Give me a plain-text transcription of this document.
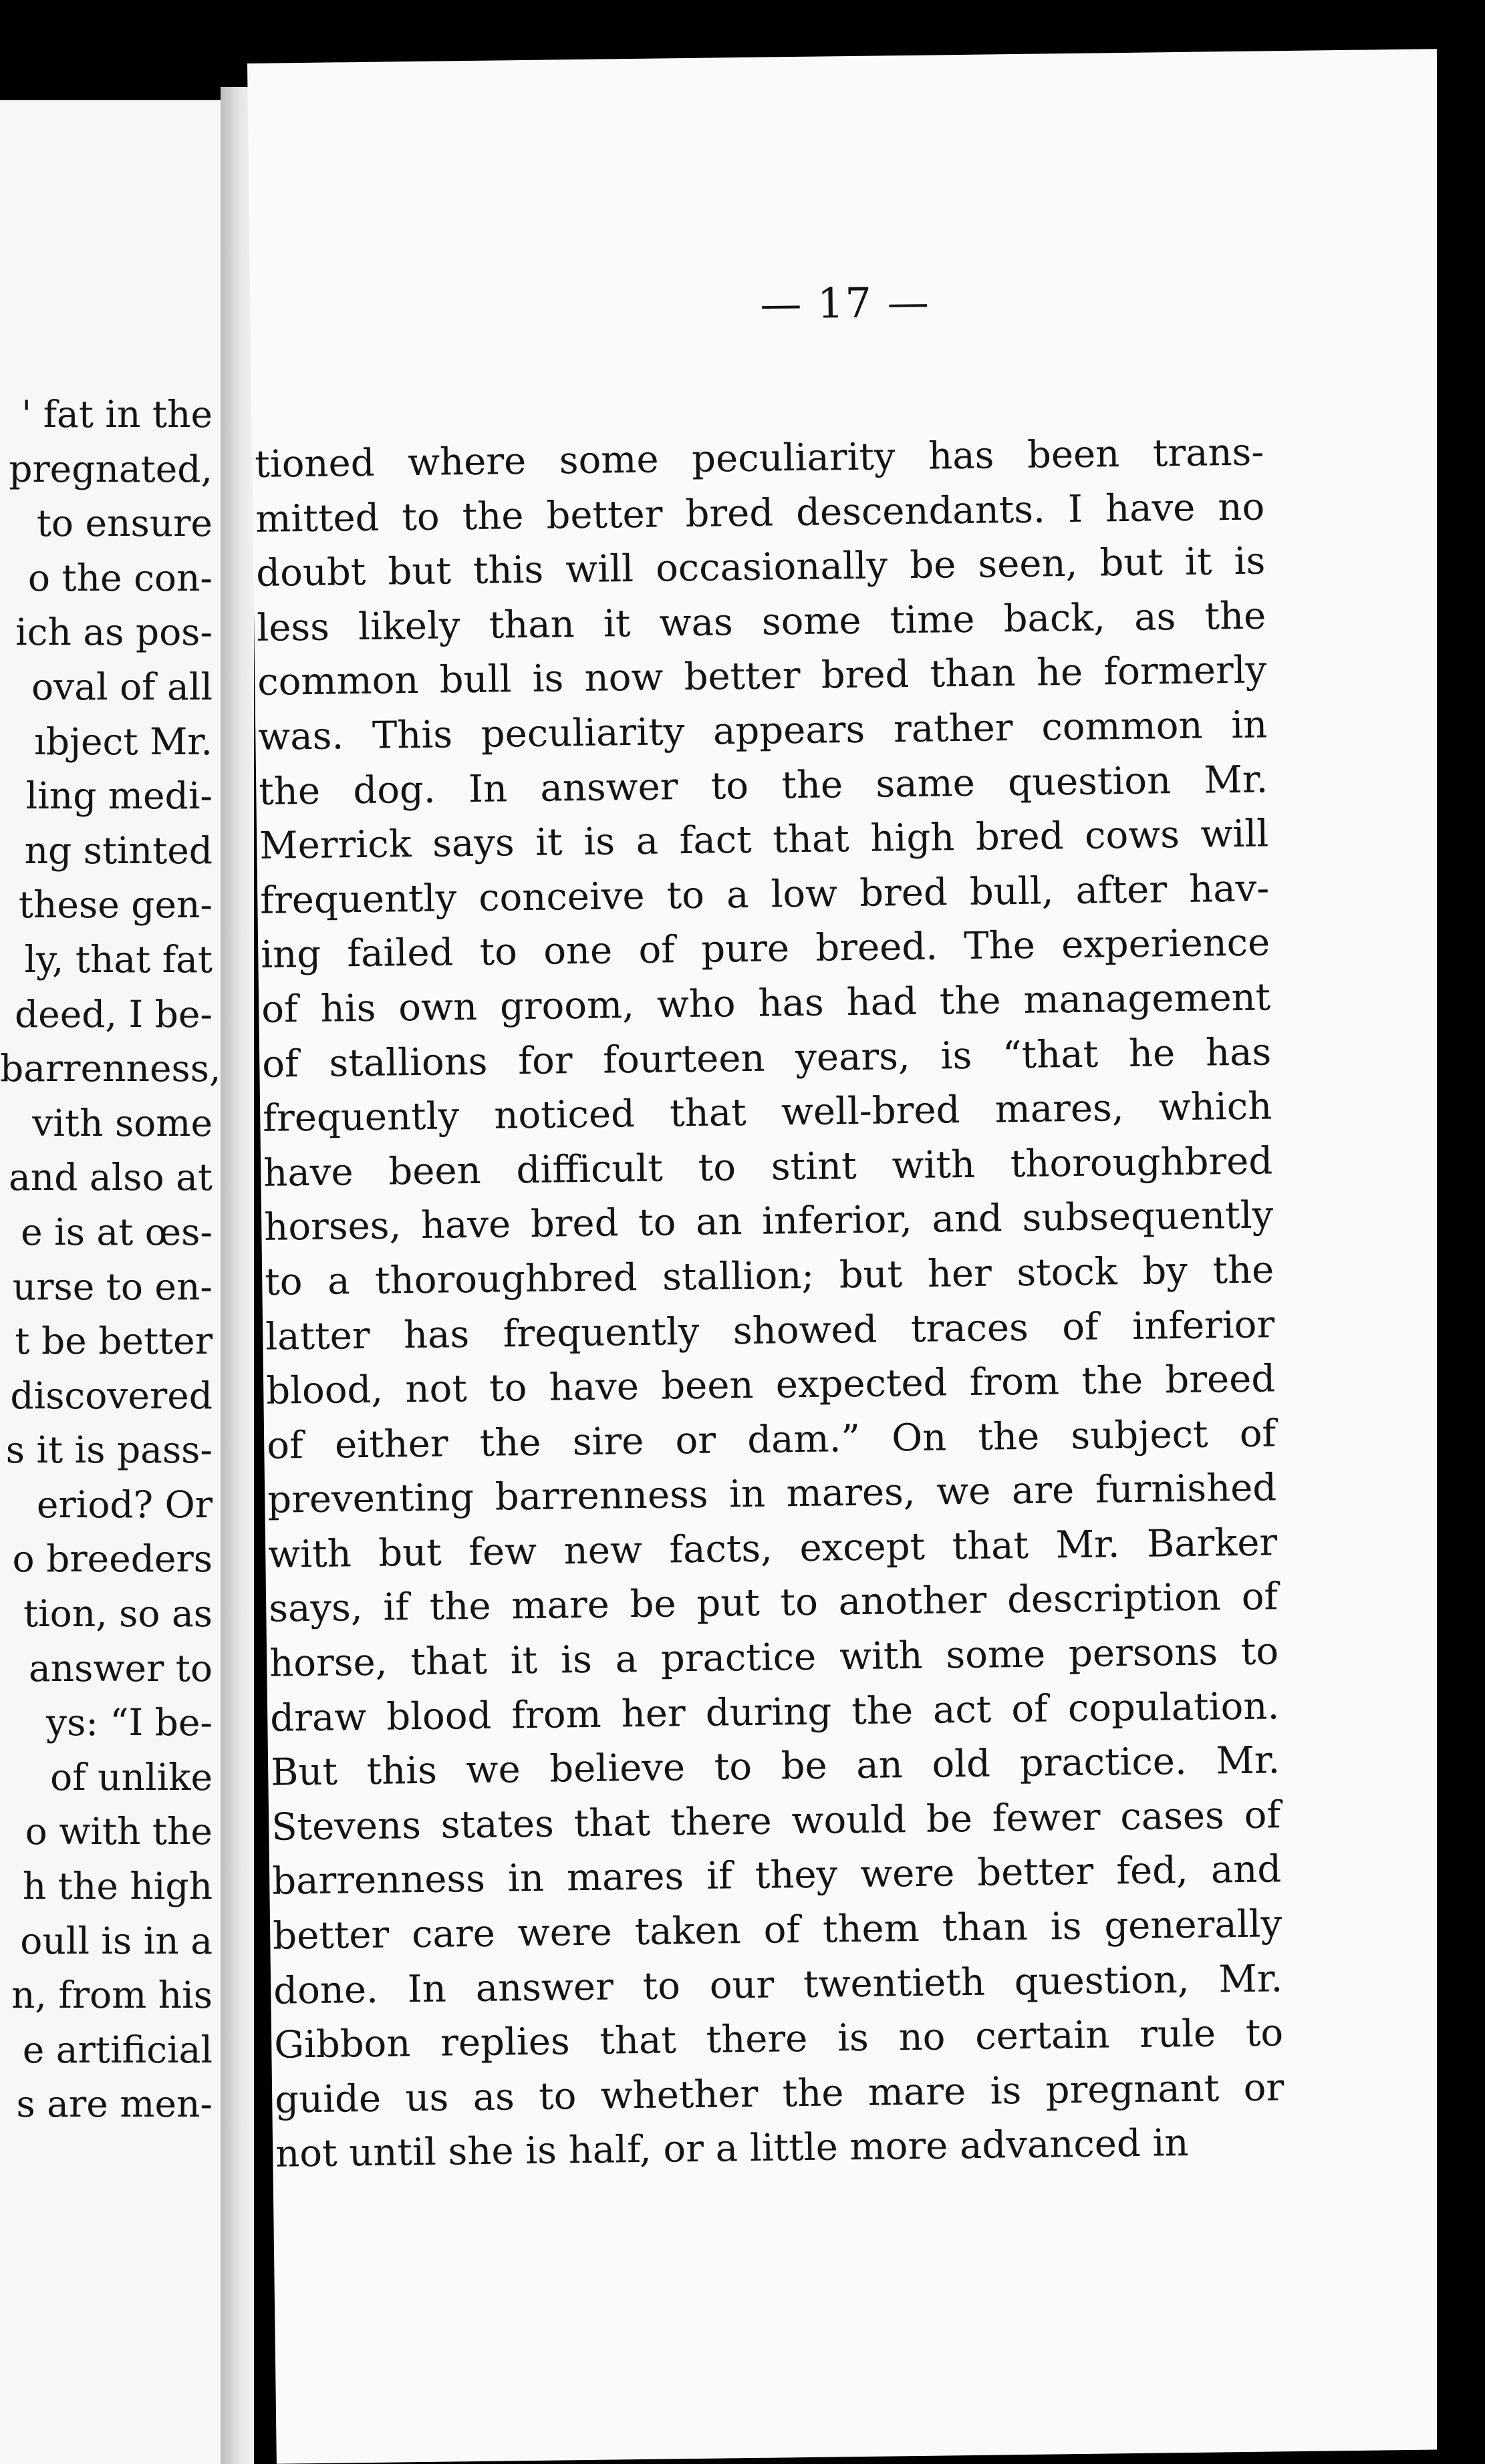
' fat in the
pregnated,
to ensure
o the con-
ich as pos-
oval of all
ıbject Mr.
ling medi-
ng stinted
these gen-
ly, that fat
deed, I be-
barrenness,
vith some
and also at
e is at œs-
urse to en-
t be better
discovered
s it is pass-
eriod? Or
o breeders
tion, so as
answer to
ys: “I be-
of unlike
o with the
h the high
oull is in a
n, from his
e artificial
s are men-
— 17 —
tioned where some peculiarity has been trans-
mitted to the better bred descendants. I have no
doubt but this will occasionally be seen, but it is
less likely than it was some time back, as the
common bull is now better bred than he formerly
was. This peculiarity appears rather common in
the dog. In answer to the same question Mr.
Merrick says it is a fact that high bred cows will
frequently conceive to a low bred bull, after hav-
ing failed to one of pure breed. The experience
of his own groom, who has had the management
of stallions for fourteen years, is “that he has
frequently noticed that well-bred mares, which
have been difficult to stint with thoroughbred
horses, have bred to an inferior, and subsequently
to a thoroughbred stallion; but her stock by the
latter has frequently showed traces of inferior
blood, not to have been expected from the breed
of either the sire or dam.” On the subject of
preventing barrenness in mares, we are furnished
with but few new facts, except that Mr. Barker
says, if the mare be put to another description of
horse, that it is a practice with some persons to
draw blood from her during the act of copulation.
But this we believe to be an old practice. Mr.
Stevens states that there would be fewer cases of
barrenness in mares if they were better fed, and
better care were taken of them than is generally
done. In answer to our twentieth question, Mr.
Gibbon replies that there is no certain rule to
guide us as to whether the mare is pregnant or
not until she is half, or a little more advanced in
